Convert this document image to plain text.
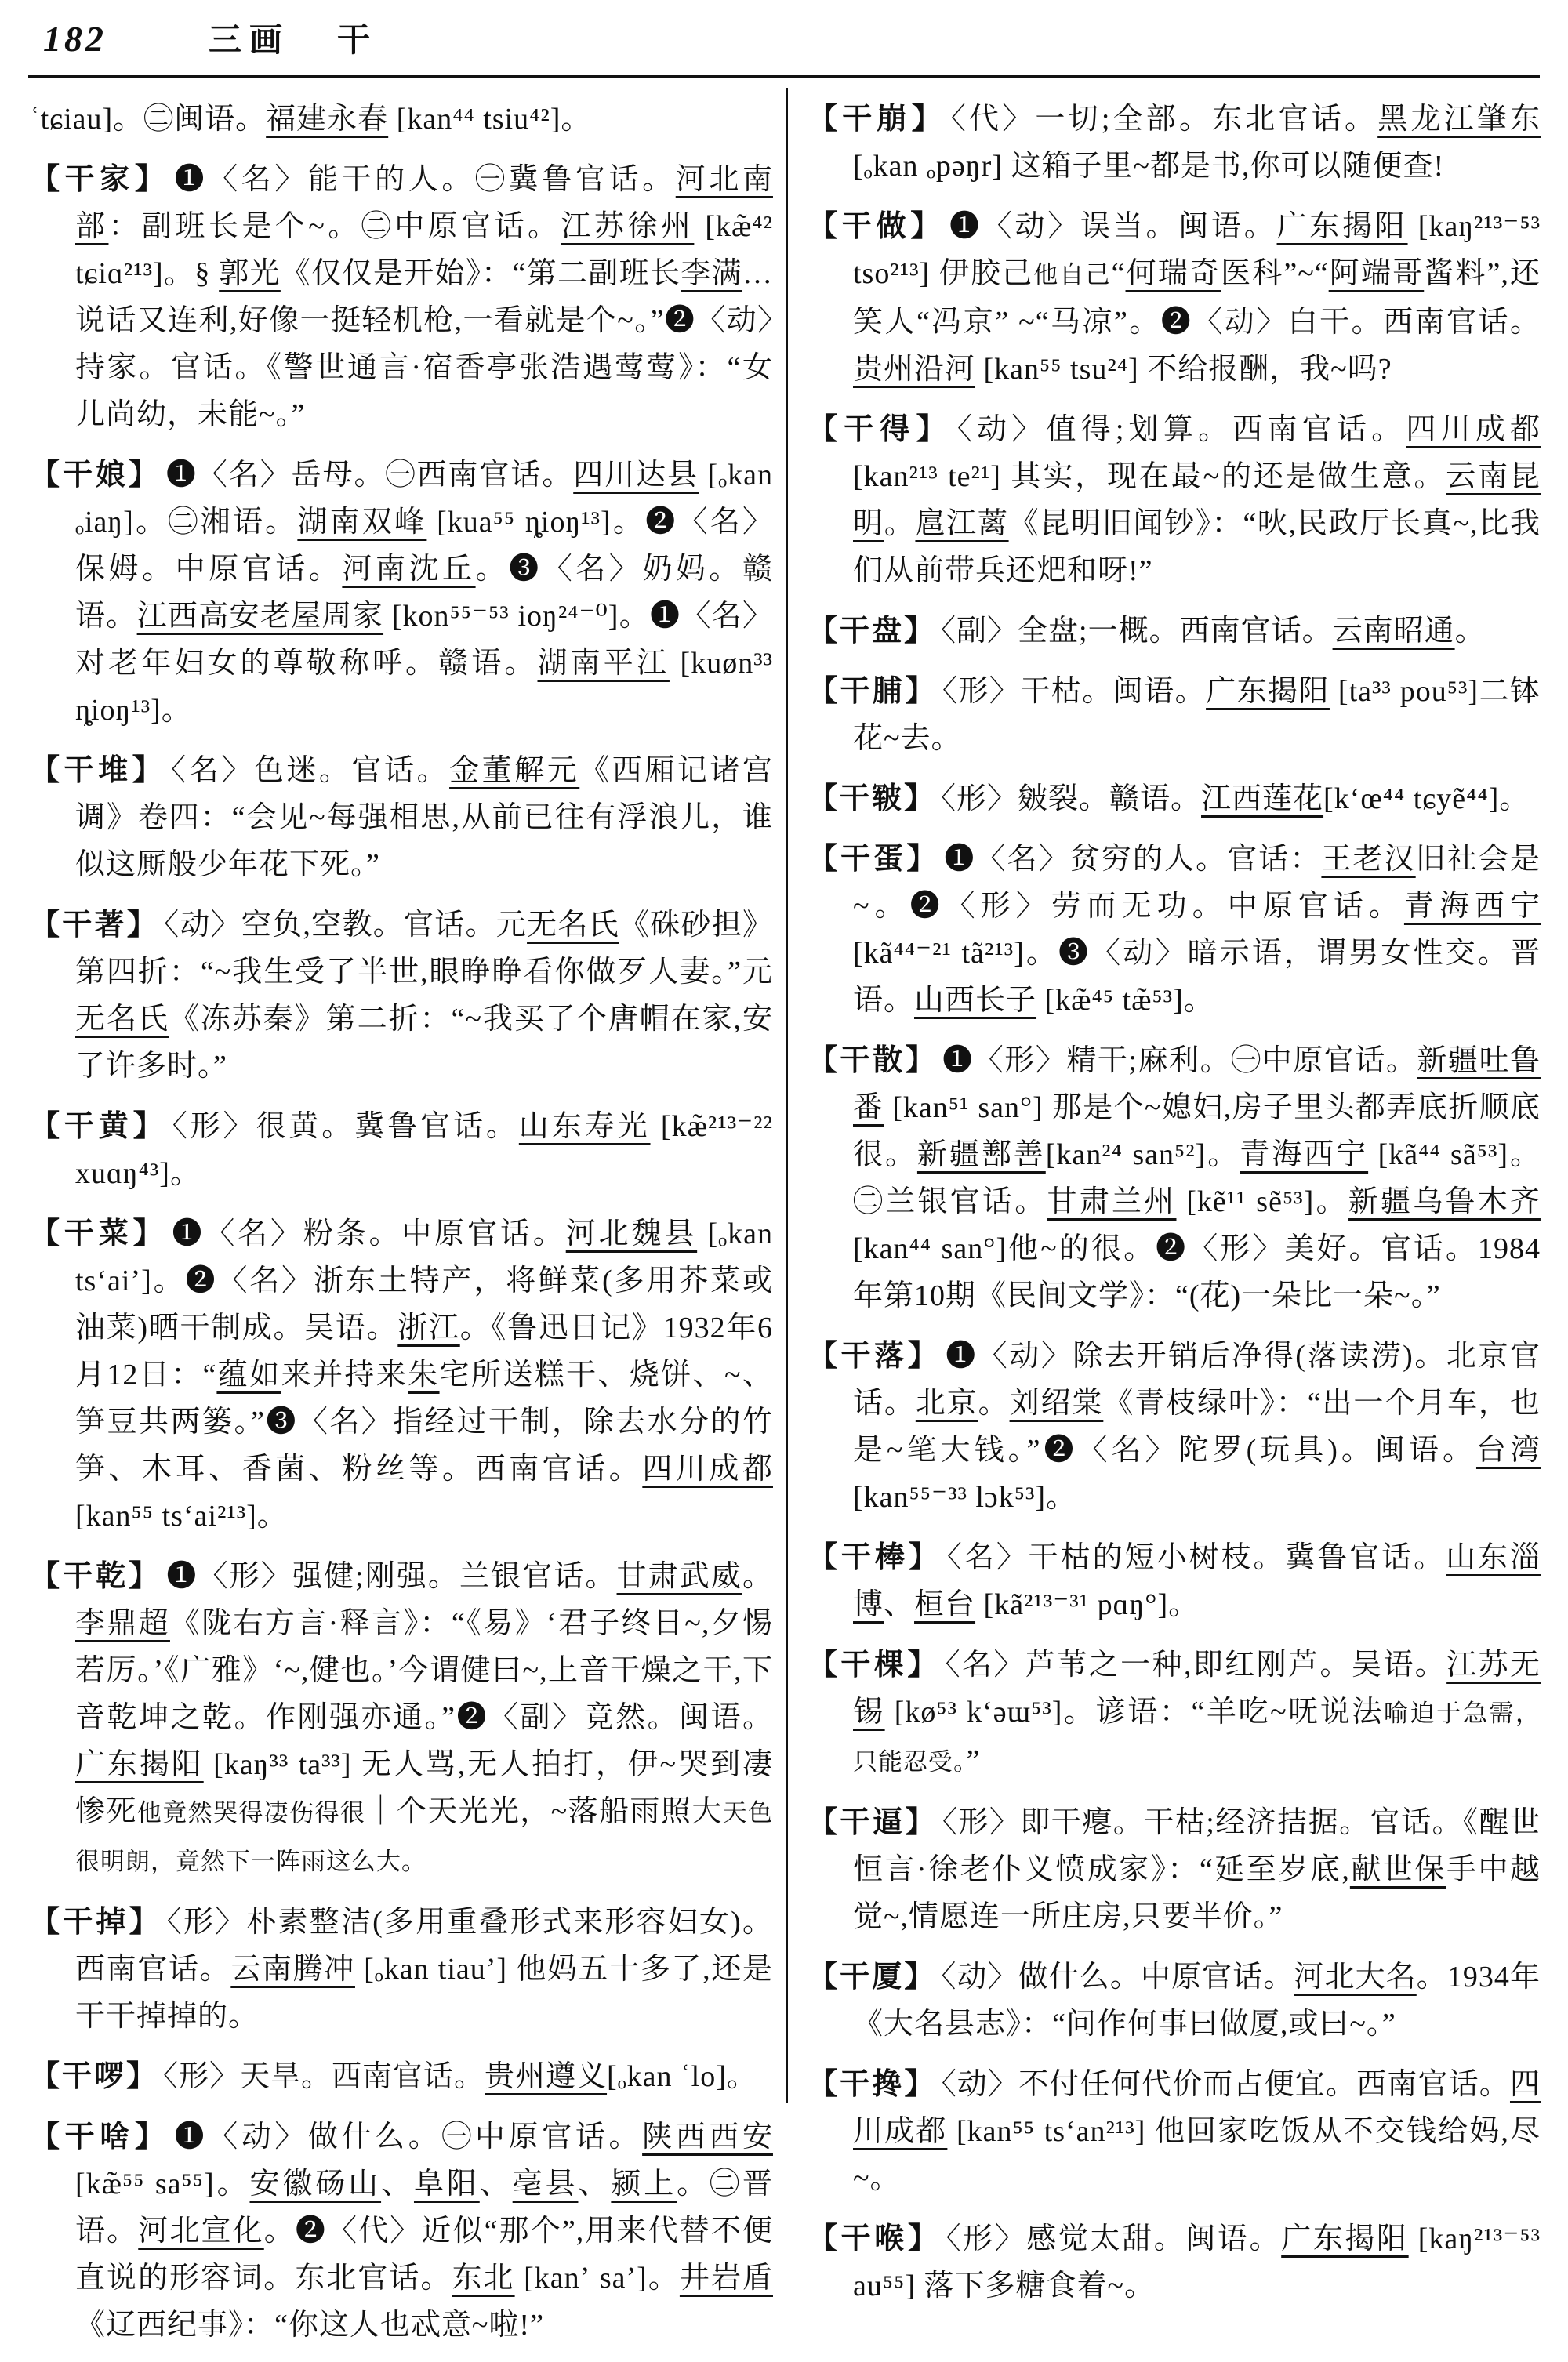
182	三画 干

ʿtɕiau]。㊁闽语。福建永春 [kan⁴⁴ tsiu⁴²]。

【干家】 ❶〈名〉能干的人。㊀冀鲁官话。河北南部：副班长是个~。㊁中原官话。江苏徐州 [kæ̃⁴² tɕiɑ²¹³]。§ 郭光《仅仅是开始》：“第二副班长李满…说话又连利,好像一挺轻机枪,一看就是个~。”❷〈动〉持家。官话。《警世通言·宿香亭张浩遇莺莺》：“女儿尚幼，未能~。”

【干娘】 ❶〈名〉岳母。㊀西南官话。四川达县 [ₒkan ₒiaŋ]。㊁湘语。湖南双峰 [kua⁵⁵ ȵioŋ¹³]。❷〈名〉保姆。中原官话。河南沈丘。❸〈名〉奶妈。赣语。江西高安老屋周家 [kon⁵⁵⁻⁵³ ioŋ²⁴⁻⁰]。❶〈名〉对老年妇女的尊敬称呼。赣语。湖南平江 [kuøn³³ ȵioŋ¹³]。

【干堆】 〈名〉色迷。官话。金董解元《西厢记诸宫调》卷四：“会见~每强相思,从前已往有浮浪儿，谁似这厮般少年花下死。”

【干著】 〈动〉空负,空教。官话。元无名氏《硃砂担》第四折：“~我生受了半世,眼睁睁看你做歹人妻。”元无名氏《冻苏秦》第二折：“~我买了个唐帽在家,安了许多时。”

【干黄】 〈形〉很黄。冀鲁官话。山东寿光 [kæ̃²¹³⁻²² xuɑŋ⁴³]。

【干菜】 ❶〈名〉粉条。中原官话。河北魏县 [ₒkan tsʻaiʼ]。❷〈名〉浙东土特产，将鲜菜(多用芥菜或油菜)晒干制成。吴语。浙江。《鲁迅日记》1932年6月12日：“蕴如来并持来朱宅所送糕干、烧饼、~、笋豆共两篓。”❸〈名〉指经过干制，除去水分的竹笋、木耳、香菌、粉丝等。西南官话。四川成都 [kan⁵⁵ tsʻai²¹³]。

【干乾】 ❶〈形〉强健;刚强。兰银官话。甘肃武威。李鼎超《陇右方言·释言》：“《易》‘君子终日~,夕惕若厉。’《广雅》‘~,健也。’今谓健曰~,上音干燥之干,下音乾坤之乾。作刚强亦通。”❷〈副〉竟然。闽语。广东揭阳 [kaŋ³³ ta³³] 无人骂,无人拍打，伊~哭到凄惨死他竟然哭得凄伤得很｜个天光光，~落船雨照大天色很明朗，竟然下一阵雨这么大。

【干掉】 〈形〉朴素整洁(多用重叠形式来形容妇女)。西南官话。云南腾冲 [ₒkan tiauʼ] 他妈五十多了,还是干干掉掉的。

【干啰】 〈形〉天旱。西南官话。贵州遵义[ₒkan ʿlo]。

【干啥】 ❶〈动〉做什么。㊀中原官话。陕西西安 [kæ̃⁵⁵ sa⁵⁵]。安徽砀山、阜阳、亳县、颍上。㊁晋语。河北宣化。❷〈代〉近似“那个”,用来代替不便直说的形容词。东北官话。东北 [kanʼ saʼ]。井岩盾《辽西纪事》：“你这人也忒意~啦!”

【干崩】 〈代〉一切;全部。东北官话。黑龙江肇东 [ₒkan ₒpəŋr] 这箱子里~都是书,你可以随便查!

【干做】 ❶〈动〉误当。闽语。广东揭阳 [kaŋ²¹³⁻⁵³ tso²¹³] 伊胶己他自己“何瑞奇医科”~“阿端哥酱料”,还笑人“冯京” ~“马凉”。❷〈动〉白干。西南官话。贵州沿河 [kan⁵⁵ tsu²⁴] 不给报酬，我~吗?

【干得】 〈动〉值得;划算。西南官话。四川成都 [kan²¹³ te²¹] 其实，现在最~的还是做生意。云南昆明。扈江蓠《昆明旧闻钞》：“吙,民政厅长真~,比我们从前带兵还𤆵和呀!”

【干盘】 〈副〉全盘;一概。西南官话。云南昭通。

【干脯】 〈形〉干枯。闽语。广东揭阳 [ta³³ pou⁵³]二钵花~去。

【干皲】 〈形〉皴裂。赣语。江西莲花[kʻœ⁴⁴ tɕyẽ⁴⁴]。

【干蛋】 ❶〈名〉贫穷的人。官话：王老汉旧社会是~。❷〈形〉劳而无功。中原官话。青海西宁 [kã⁴⁴⁻²¹ tã²¹³]。❸〈动〉暗示语，谓男女性交。晋语。山西长子 [kæ̃⁴⁵ tæ̃⁵³]。

【干散】 ❶〈形〉精干;麻利。㊀中原官话。新疆吐鲁番 [kan⁵¹ san°] 那是个~媳妇,房子里头都弄底折顺底很。新疆鄯善[kan²⁴ san⁵²]。青海西宁 [kã⁴⁴ sã⁵³]。㊁兰银官话。甘肃兰州 [kẽ¹¹ sẽ⁵³]。新疆乌鲁木齐 [kan⁴⁴ san°]他~的很。❷〈形〉美好。官话。1984年第10期《民间文学》：“(花)一朵比一朵~。”

【干落】 ❶〈动〉除去开销后净得(落读涝)。北京官话。北京。刘绍棠《青枝绿叶》：“出一个月车，也是~笔大钱。”❷〈名〉陀罗(玩具)。闽语。台湾[kan⁵⁵⁻³³ lɔk⁵³]。

【干棒】 〈名〉干枯的短小树枝。冀鲁官话。山东淄博、桓台 [kã²¹³⁻³¹ pɑŋ°]。

【干棵】 〈名〉芦苇之一种,即红刚芦。吴语。江苏无锡 [kø⁵³ kʻəɯ⁵³]。谚语：“羊吃~呒说法喻迫于急需，只能忍受。”

【干逼】 〈形〉即干瘪。干枯;经济拮据。官话。《醒世恒言·徐老仆义愤成家》：“延至岁底,献世保手中越觉~,情愿连一所庄房,只要半价。”

【干厦】 〈动〉做什么。中原官话。河北大名。1934年《大名县志》：“问作何事曰做厦,或曰~。”

【干搀】 〈动〉不付任何代价而占便宜。西南官话。四川成都 [kan⁵⁵ tsʻan²¹³] 他回家吃饭从不交钱给妈,尽~。

【干喉】 〈形〉感觉太甜。闽语。广东揭阳 [kaŋ²¹³⁻⁵³ au⁵⁵] 落下多糖食着~。
